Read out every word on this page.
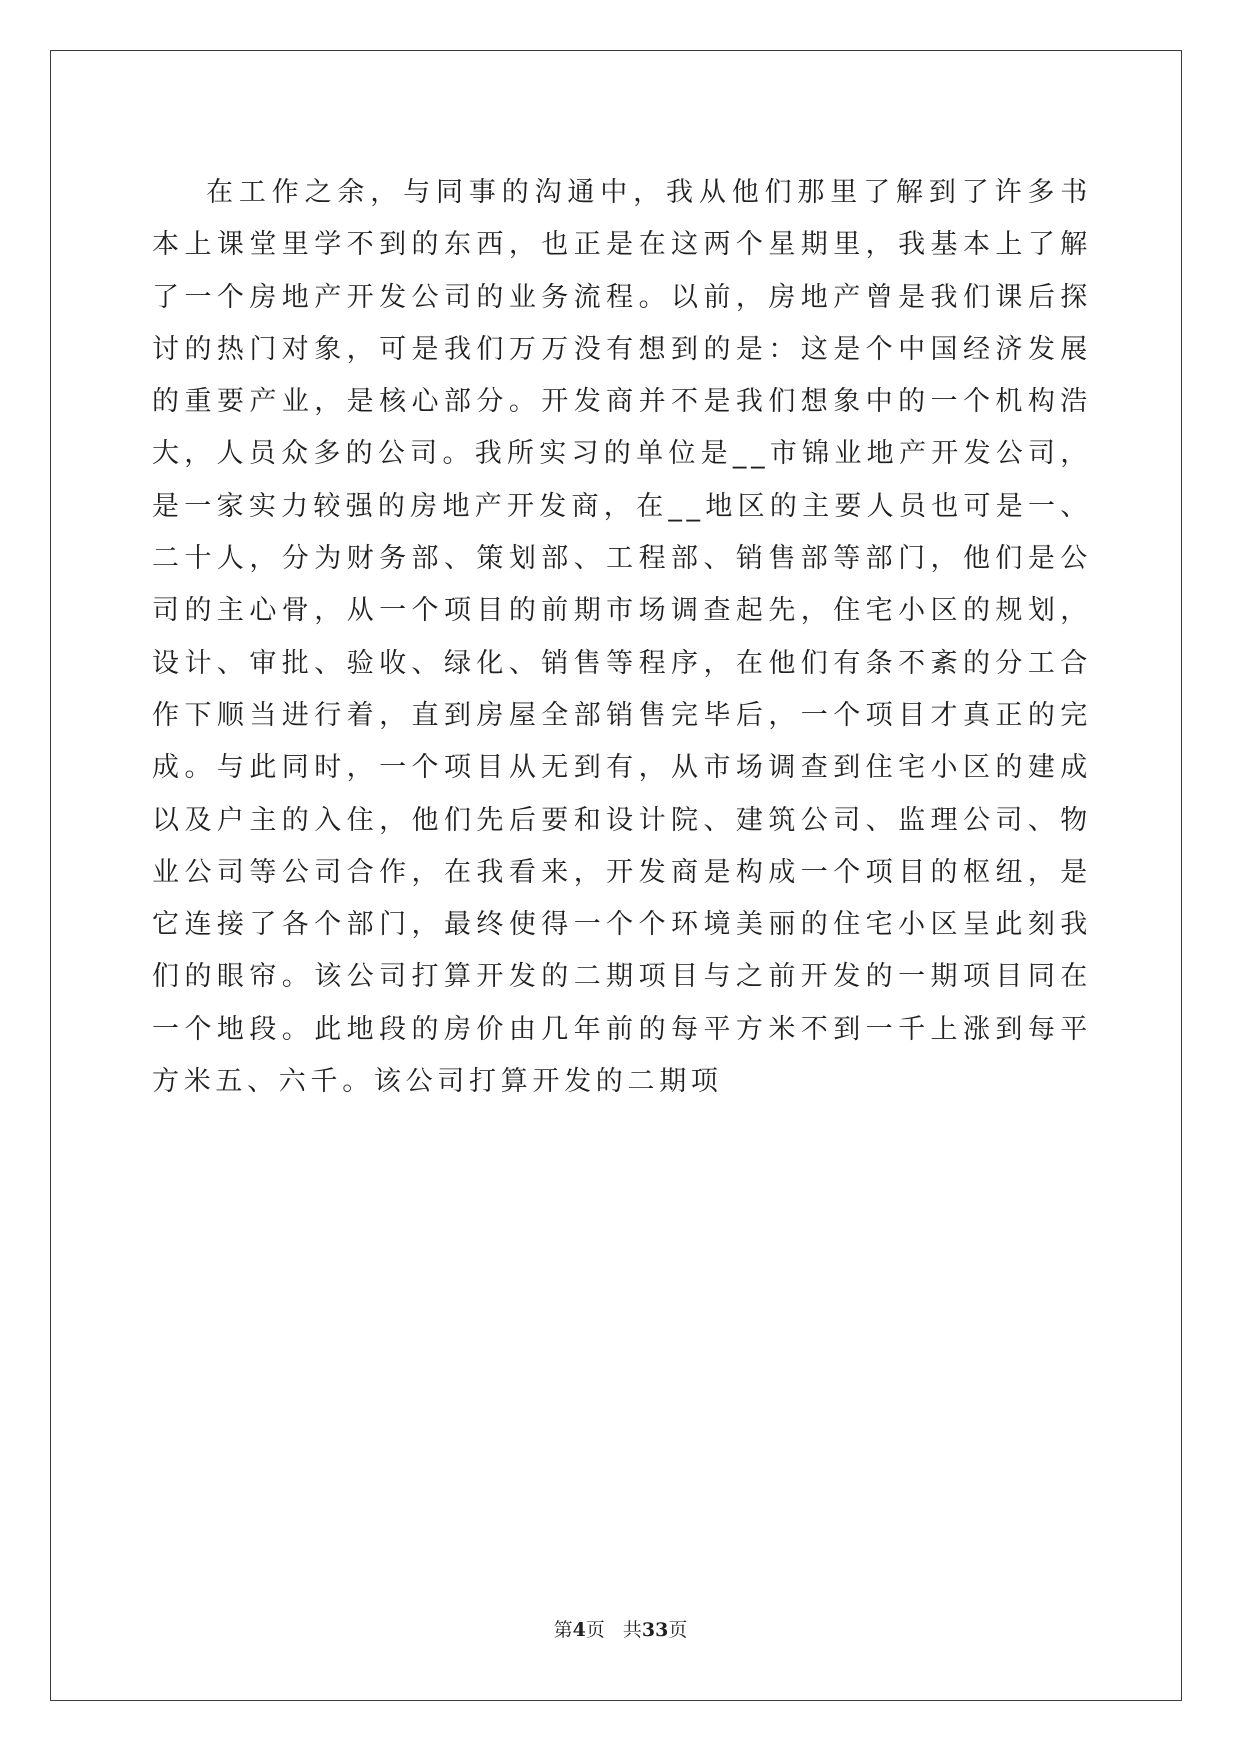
在工作之余，与同事的沟通中，我从他们那里了解到了许多书本上课堂里学不到的东西，也正是在这两个星期里，我基本上了解了一个房地产开发公司的业务流程。以前，房地产曾是我们课后探讨的热门对象，可是我们万万没有想到的是：这是个中国经济发展的重要产业，是核心部分。开发商并不是我们想象中的一个机构浩大，人员众多的公司。我所实习的单位是__市锦业地产开发公司，是一家实力较强的房地产开发商，在__地区的主要人员也可是一、二十人，分为财务部、策划部、工程部、销售部等部门，他们是公司的主心骨，从一个项目的前期市场调查起先，住宅小区的规划，设计、审批、验收、绿化、销售等程序，在他们有条不紊的分工合作下顺当进行着，直到房屋全部销售完毕后，一个项目才真正的完成。与此同时，一个项目从无到有，从市场调查到住宅小区的建成以及户主的入住，他们先后要和设计院、建筑公司、监理公司、物业公司等公司合作，在我看来，开发商是构成一个项目的枢纽，是它连接了各个部门，最终使得一个个环境美丽的住宅小区呈此刻我们的眼帘。该公司打算开发的二期项目与之前开发的一期项目同在一个地段。此地段的房价由几年前的每平方米不到一千上涨到每平方米五、六千。该公司打算开发的二期项

第4页 共33页
